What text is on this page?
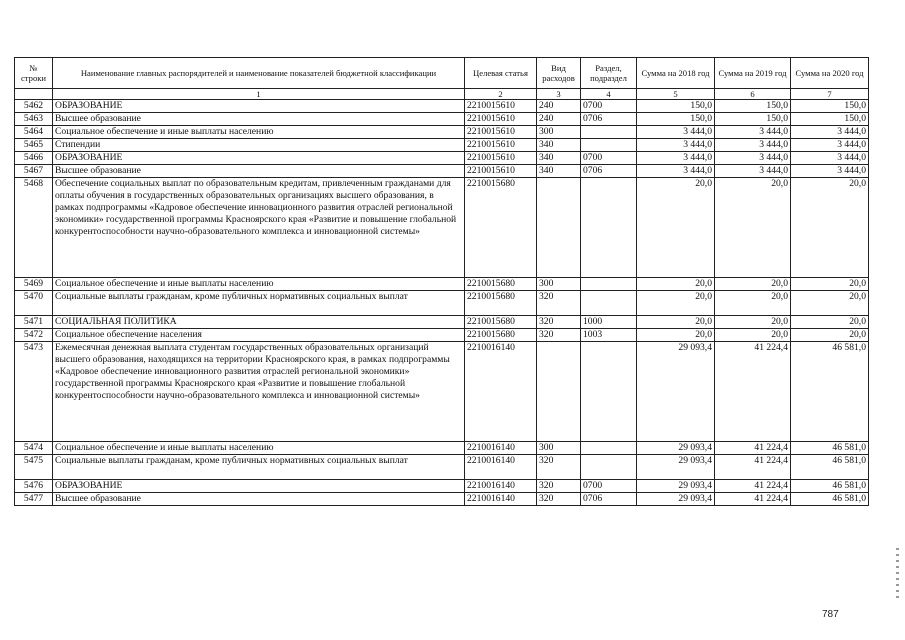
№ строки	Наименование главных распорядителей и наименование показателей бюджетной классификации	Целевая статья	Вид расходов	Раздел, подраздел	Сумма на 2018 год	Сумма на 2019 год	Сумма на 2020 год
	1	2	3	4	5	6	7
5462	ОБРАЗОВАНИЕ	2210015610	240	0700	150,0	150,0	150,0
5463	Высшее образование	2210015610	240	0706	150,0	150,0	150,0
5464	Социальное обеспечение и иные выплаты населению	2210015610	300		3 444,0	3 444,0	3 444,0
5465	Стипендии	2210015610	340		3 444,0	3 444,0	3 444,0
5466	ОБРАЗОВАНИЕ	2210015610	340	0700	3 444,0	3 444,0	3 444,0
5467	Высшее образование	2210015610	340	0706	3 444,0	3 444,0	3 444,0
5468	Обеспечение социальных выплат по образовательным кредитам, привлеченным гражданами для оплаты обучения в государственных образовательных организациях высшего образования, в рамках подпрограммы «Кадровое обеспечение инновационного развития отраслей региональной экономики» государственной программы Красноярского края «Развитие и повышение глобальной конкурентоспособности научно-образовательного комплекса и инновационной системы»	2210015680			20,0	20,0	20,0
5469	Социальное обеспечение и иные выплаты населению	2210015680	300		20,0	20,0	20,0
5470	Социальные выплаты гражданам, кроме публичных нормативных социальных выплат	2210015680	320		20,0	20,0	20,0
5471	СОЦИАЛЬНАЯ ПОЛИТИКА	2210015680	320	1000	20,0	20,0	20,0
5472	Социальное обеспечение населения	2210015680	320	1003	20,0	20,0	20,0
5473	Ежемесячная денежная выплата студентам государственных образовательных организаций высшего образования, находящихся на территории Красноярского края, в рамках подпрограммы «Кадровое обеспечение инновационного развития отраслей региональной экономики» государственной программы Красноярского края «Развитие и повышение глобальной конкурентоспособности научно-образовательного комплекса и инновационной системы»	2210016140			29 093,4	41 224,4	46 581,0
5474	Социальное обеспечение и иные выплаты населению	2210016140	300		29 093,4	41 224,4	46 581,0
5475	Социальные выплаты гражданам, кроме публичных нормативных социальных выплат	2210016140	320		29 093,4	41 224,4	46 581,0
5476	ОБРАЗОВАНИЕ	2210016140	320	0700	29 093,4	41 224,4	46 581,0
5477	Высшее образование	2210016140	320	0706	29 093,4	41 224,4	46 581,0
787
